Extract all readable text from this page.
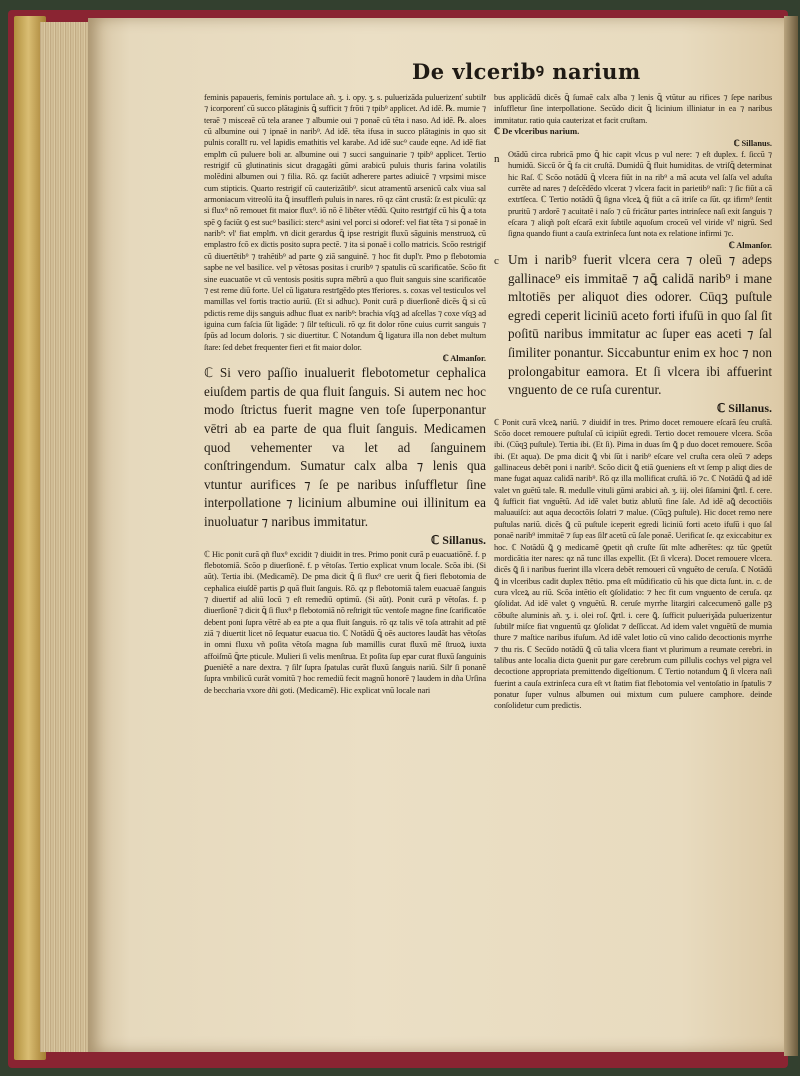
De vlceribꝰ narium

feminis papaueris, feminis portulace añ. ʒ. i. opy. ʒ. s. puluerizāda puluerizenť subtilr̄ ⁊ icorporenť cū succo plātaginis ꝗ̄ sufficit ⁊ frōti ⁊ tpib⁹ applicet. Ad idē. ℞. mumie ⁊ teraē ⁊ misceaē cū tela aranee ⁊ albumie oui ⁊ ponaē cū tēta i naso. Ad idē. ℞. aloes cū albumine oui ⁊ ipnaē in narib⁹. Ad idē. tēta ifusa in succo plātaginis in quo sit pulnis corallī ru. vel lapidis emathitis vel karabe. Ad idē suc⁹ caude eqne. Ad idē fiat emplm̄ cū puluere boli ar. albumine oui ⁊ succi sanguinarie ⁊ tpib⁹ applicet. Tertio restrigif cū glutinatinis sicut dragagāti gūmi arabicū puluis thuris farina volatilis molēdini albumen oui ⁊ filia. Rō. qz faciūt adherere partes adiuicē ⁊ vrpsimi misce cum stipticis. Quarto restrigif cū cauterizātib⁹. sicut atramentū arsenicū calx viua sal armoniacum vitreolū ita ꝗ̄ insuffleḿ puluis in nares. rō qz cānt crustā: ſz est piculū: qz si flux⁹ nō remouet fit maior flux⁹. iō nō ē libēter vtēdū. Quito restrīgif cū his ꝗ̄ a tota spē ꝯ faciūt ꝯ est suc⁹ basilici: sterc⁹ asini vel porci si odoref: vel fiat tēta ⁊ si ponaē in narib⁹: vl' fiat emplm̄. vn̄ dicit gerardus ꝗ̄ ipse restrigit fluxū sāguinis menstruoꝝ cū emplastro fcō ex dictis posito supra pectē. ⁊ ita si ponaē i collo matricis. Scōo restrigif cū diuertētib⁹ ⁊ trahētib⁹ ad parte ꝯ ziā sanguinē. ⁊ hoc fit dupl'r. Pmo p flebotomia sapbe ne vel basilice. vel p vētosas positas i cruribꝰ ⁊ spatulis cū scarificatōe. Scōo fit sine euacuatōe vt cū ventosis positis supra mēbrū a quo fluit sanguis sine scarificatōe ⁊ est reme diū forte. Uel cū ligatura restrīgēdo ptes īferiores. s. coxas vel testiculos vel mamillas vel fortis tractio auriū. (Et si adhuc). Ponit curā p diuerſionē dicēs ꝗ̄ si cū pdictis reme dijs sanguis adhuc fluat ex narib⁹: brachia vſqꝫ ad aſcellas ⁊ coxe vſqꝫ ad iguina cum faſcia ſūt ligāde: ⁊ ſilr̄ teſticuli. rō qz fit dolor rōne cuius currit sanguis ⁊ ſpūs ad locum doloris. ⁊ sic diuertitur. ℂ Notandum ꝗ̄ ligatura illa non debet multum ſtare: ſed debet frequenter fieri et fit maior dolor.

ℂ Almanſor.

ℂ Si vero paſſio inualuerit flebotometur cephalica eiuſdem partis de qua fluit ſanguis. Si autem nec hoc modo ſtrictus fuerit magne ven toſe ſuperponantur vētri ab ea parte de qua fluit ſanguis. Medicamen quod vehementer va let ad ſanguinem conſtringendum. Sumatur calx alba ⁊ lenis qua vtuntur aurifices ⁊ ſe pe naribus inſuffletur ſine interpollatione ⁊ licinium albumine oui illinitum ea inuoluatur ⁊ naribus immitatur.

ℂ Sillanus.

ℂ Hic ponit curā qñ flux⁹ excidit ⁊ diuidit in tres. Primo ponit curā p euacuatiōnē. f. p flebotomiā. Scōo p diuerſionē. f. p vētoſas. Tertio explicat vnum locale. Scōa ibi. (Si aūt). Tertia ibi. (Medicamē). De pma dicit ꝗ̄ ſi flux⁹ cre uerit ꝗ̄ fieri flebotomia de cephalica eiuſdē partis ꝑ quā fluit ſanguis. Rō. qz p flebotomiā talem euacuaē ſanguis ⁊ diuertif ad aliū locū ⁊ eſt remediū optimū. (Si aūt). Ponit curā p vētoſas. f. p diuerſionē ⁊ dicit ꝗ̄ ſi flux⁹ p flebotomiā nō reſtrigit tūc ventoſe magne fine ſcarificatōe debent poni ſupra vētrē ab ea pte a qua fluit ſanguis. rō qz talis vē toſa attrahit ad ptē ziā ⁊ diuertit licet nō ſequatur euacua tio. ℂ Notādū ꝗ̄ oēs auctores laudāt has vētoſas in omni fluxu vñ poſita vētoſa magna ſub mamillis curat fluxū mē ſtruoꝝ iuxta affoiſmū ꝗ̄rte pticule. Mulieri ſi velis menſtrua. Et poſita ſup epar curat fluxū ſanguinis ꝑueniētē a nare dextra. ⁊ ſilr̄ ſupra ſpatulas curāt fluxū ſanguis nariū. Silr̄ ſi ponanē ſupra vmbilicū curāt vomitū ⁊ hoc remediū fecit magnū honorē ⁊ laudem in dña Urſina de beccharia vxore dñi goti. (Medicamē). Hic explicat vnū locale nari

bus applicādū dicēs ꝗ̄ ſumaē calx alba ⁊ lenis ꝗ̄ vtūtur au rifices ⁊ ſepe naribus inſuffletur ſine interpollatione. Secūdo dicit ꝗ̄ licinium illiniatur in ea ⁊ naribus immitatur. ratio quia cauterizat et facit cruſtam.

ℂ De vlceribus narium.

ℂ Sillanus.

n Otādū circa rubricā pmo ꝗ̄ hic capit vlcus p vul nere: ⁊ eſt duplex. f. ſiccū ⁊ humidū. Siccū ōr ꝗ̄ fa cit cruſtā. Dumidū ꝗ̄ fluit humiditas. de vtriſꝗ̄ determinat hic Raſ. ℂ Scōo notādū ꝗ̄ vlcera fiūt in na rib⁹ a mā acuta vel ſalſa vel aduſta currēte ad nares ⁊ deſcēdēdo vlcerat ⁊ vlcera facit in parietib⁹ naſi: ⁊ ſic fiūt a cā extrīſeca. ℂ Tertio notādū ꝗ̄ ſigna vlceꝝ ꝗ̄ fiūt a cā itriſe ca ſūt. qz ifirm⁹ ſentit pruritū ⁊ ardorē ⁊ acuitatē i naſo ⁊ cū fricātur partes intrinſece naſi exit ſanguis ⁊ eſcara ⁊ aliqñ poſt eſcarā exit ſubtile aquoſum croceū vel viride vl' nigrū. Sed ſigna quando fiunt a cauſa extrinſeca ſunt nota ex relatione infirmi ⁊c.

ℂ Almanſor.

c Um i narib⁹ fuerit vlcera cera ⁊ oleū ⁊ adeps gallinace⁹ eis immitaē ⁊ aꝗ̄ calidā narib⁹ i mane mltotiēs per aliquot dies odorer. Cūqꝫ puſtule egredi ceperit liciniū aceto forti ifuſū in quo ſal ſit poſitū naribus immitatur ac ſuper eas aceti ⁊ ſal ſimiliter ponantur. Siccabuntur enim ex hoc ⁊ non prolongabitur eamora. Et ſi vlcera ibi affuerint vnguento de ce ruſa curentur.

ℂ Sillanus.

ℂ Ponit curā vlceꝝ nariū. ⁊ diuidif in tres. Primo docet remouere eſcarā ſeu cruſtā. Scōo docet remouere puſtulaſ cū icipiūt egredi. Tertio docet remouere vlcera. Scōa ibi. (Cūqꝫ puſtule). Tertia ibi. (Et ſi). Pima in duas ſm ꝗ̄ p duo docet remouere. Scōa ibi. (Et aqua). De pma dicit ꝗ̄ vbi ſūt i narib⁹ eſcare vel cruſta cera oleū ⁊ adeps gallinaceus debēt poni i narib⁹. Scōo dicit ꝗ̄ etiā ꝯueniens eſt vt ſemp p aliqt dies de mane fugat aquaz calidā narib⁹. Rō qz illa mollificat cruſtā. iō ⁊c. ℂ Notādū ꝗ̄ ad idē valet vn guētū tale. ℞. medulle vituli gūmi arabici añ. ʒ. iij. olei ſiſamini ꝗ̄rtl. f. cere. ꝗ̄ ſufficit fiat vnguētū. Ad idē valet butiz ablutū fine ſale. Ad idē aꝗ̄ decoctiōis maluauiſci: aut aqua decoctōis ſolatri ⁊ malue. (Cūqꝫ puſtule). Hic docet remo nere puſtulas nariū. dicēs ꝗ̄ cū puſtule iceperit egredi liciniū forti aceto ifuſū i quo ſal ponaē narib⁹ immitaē ⁊ ſup eas ſilr̄ acetū cū ſale ponaē. Uerificat ſe. qz exiccabitur ex hoc. ℂ Notādū ꝗ̄ ꝯ medicamē ꝯpetit qñ cruſte ſūt mlte adherētes: qz tūc ꝯpetūt mordicātia iter nares: qz nā tunc illas expellit. (Et ſi vlcera). Docet remouere vlcera. dicēs ꝗ̄ ſi i naribus fuerint illa vlcera debēt remoueri cū vnguēto de ceruſa. ℂ Notādū ꝗ̄ in vlceribus cadit duplex ītētio. pma eſt mūdificatio cū his que dicta ſunt. in. c. de cura vlceꝝ au riū. Scōa intētio eſt ꝯſolidatio: ⁊ hec fit cum vnguento de ceruſa. qz ꝯſolidat. Ad idē valet ꝯ vnguētū. ℞. ceruſe myrrhe litargiri calcecumenō galle pꝫ cōbuſte aluminis añ. ʒ. i. olei roſ. ꝗ̄rtl. i. cere ꝗ̄. ſufficit pulueriʒāda puluerizentur ſubtilr̄ miſce fiat vnguentū qz ꝯſolidat ⁊ deſſiccat. Ad idem valet vnguētū de mumia thure ⁊ maſtice naribus ifuſum. Ad idē valet lotio cū vino calido decoctionis myrrhe ⁊ thu ris. ℂ Secūdo notādū ꝗ̄ cū talia vlcera fiant vt plurimum a reumate cerebri. in talibus ante localia dicta ꝯuenit pur gare cerebrum cum pillulis cochys vel pigra vel decoctione appropriata premittendo digeſtionum. ℂ Tertio notandum ꝗ̄ ſi vlcera naſi fuerint a cauſa extrinſeca cura eſt vt ſtatim fiat flebotomia vel ventoſatio in ſpatulis ⁊ ponatur ſuper vulnus albumen oui mixtum cum puluere camphore. deinde conſolidetur cum predictis.
